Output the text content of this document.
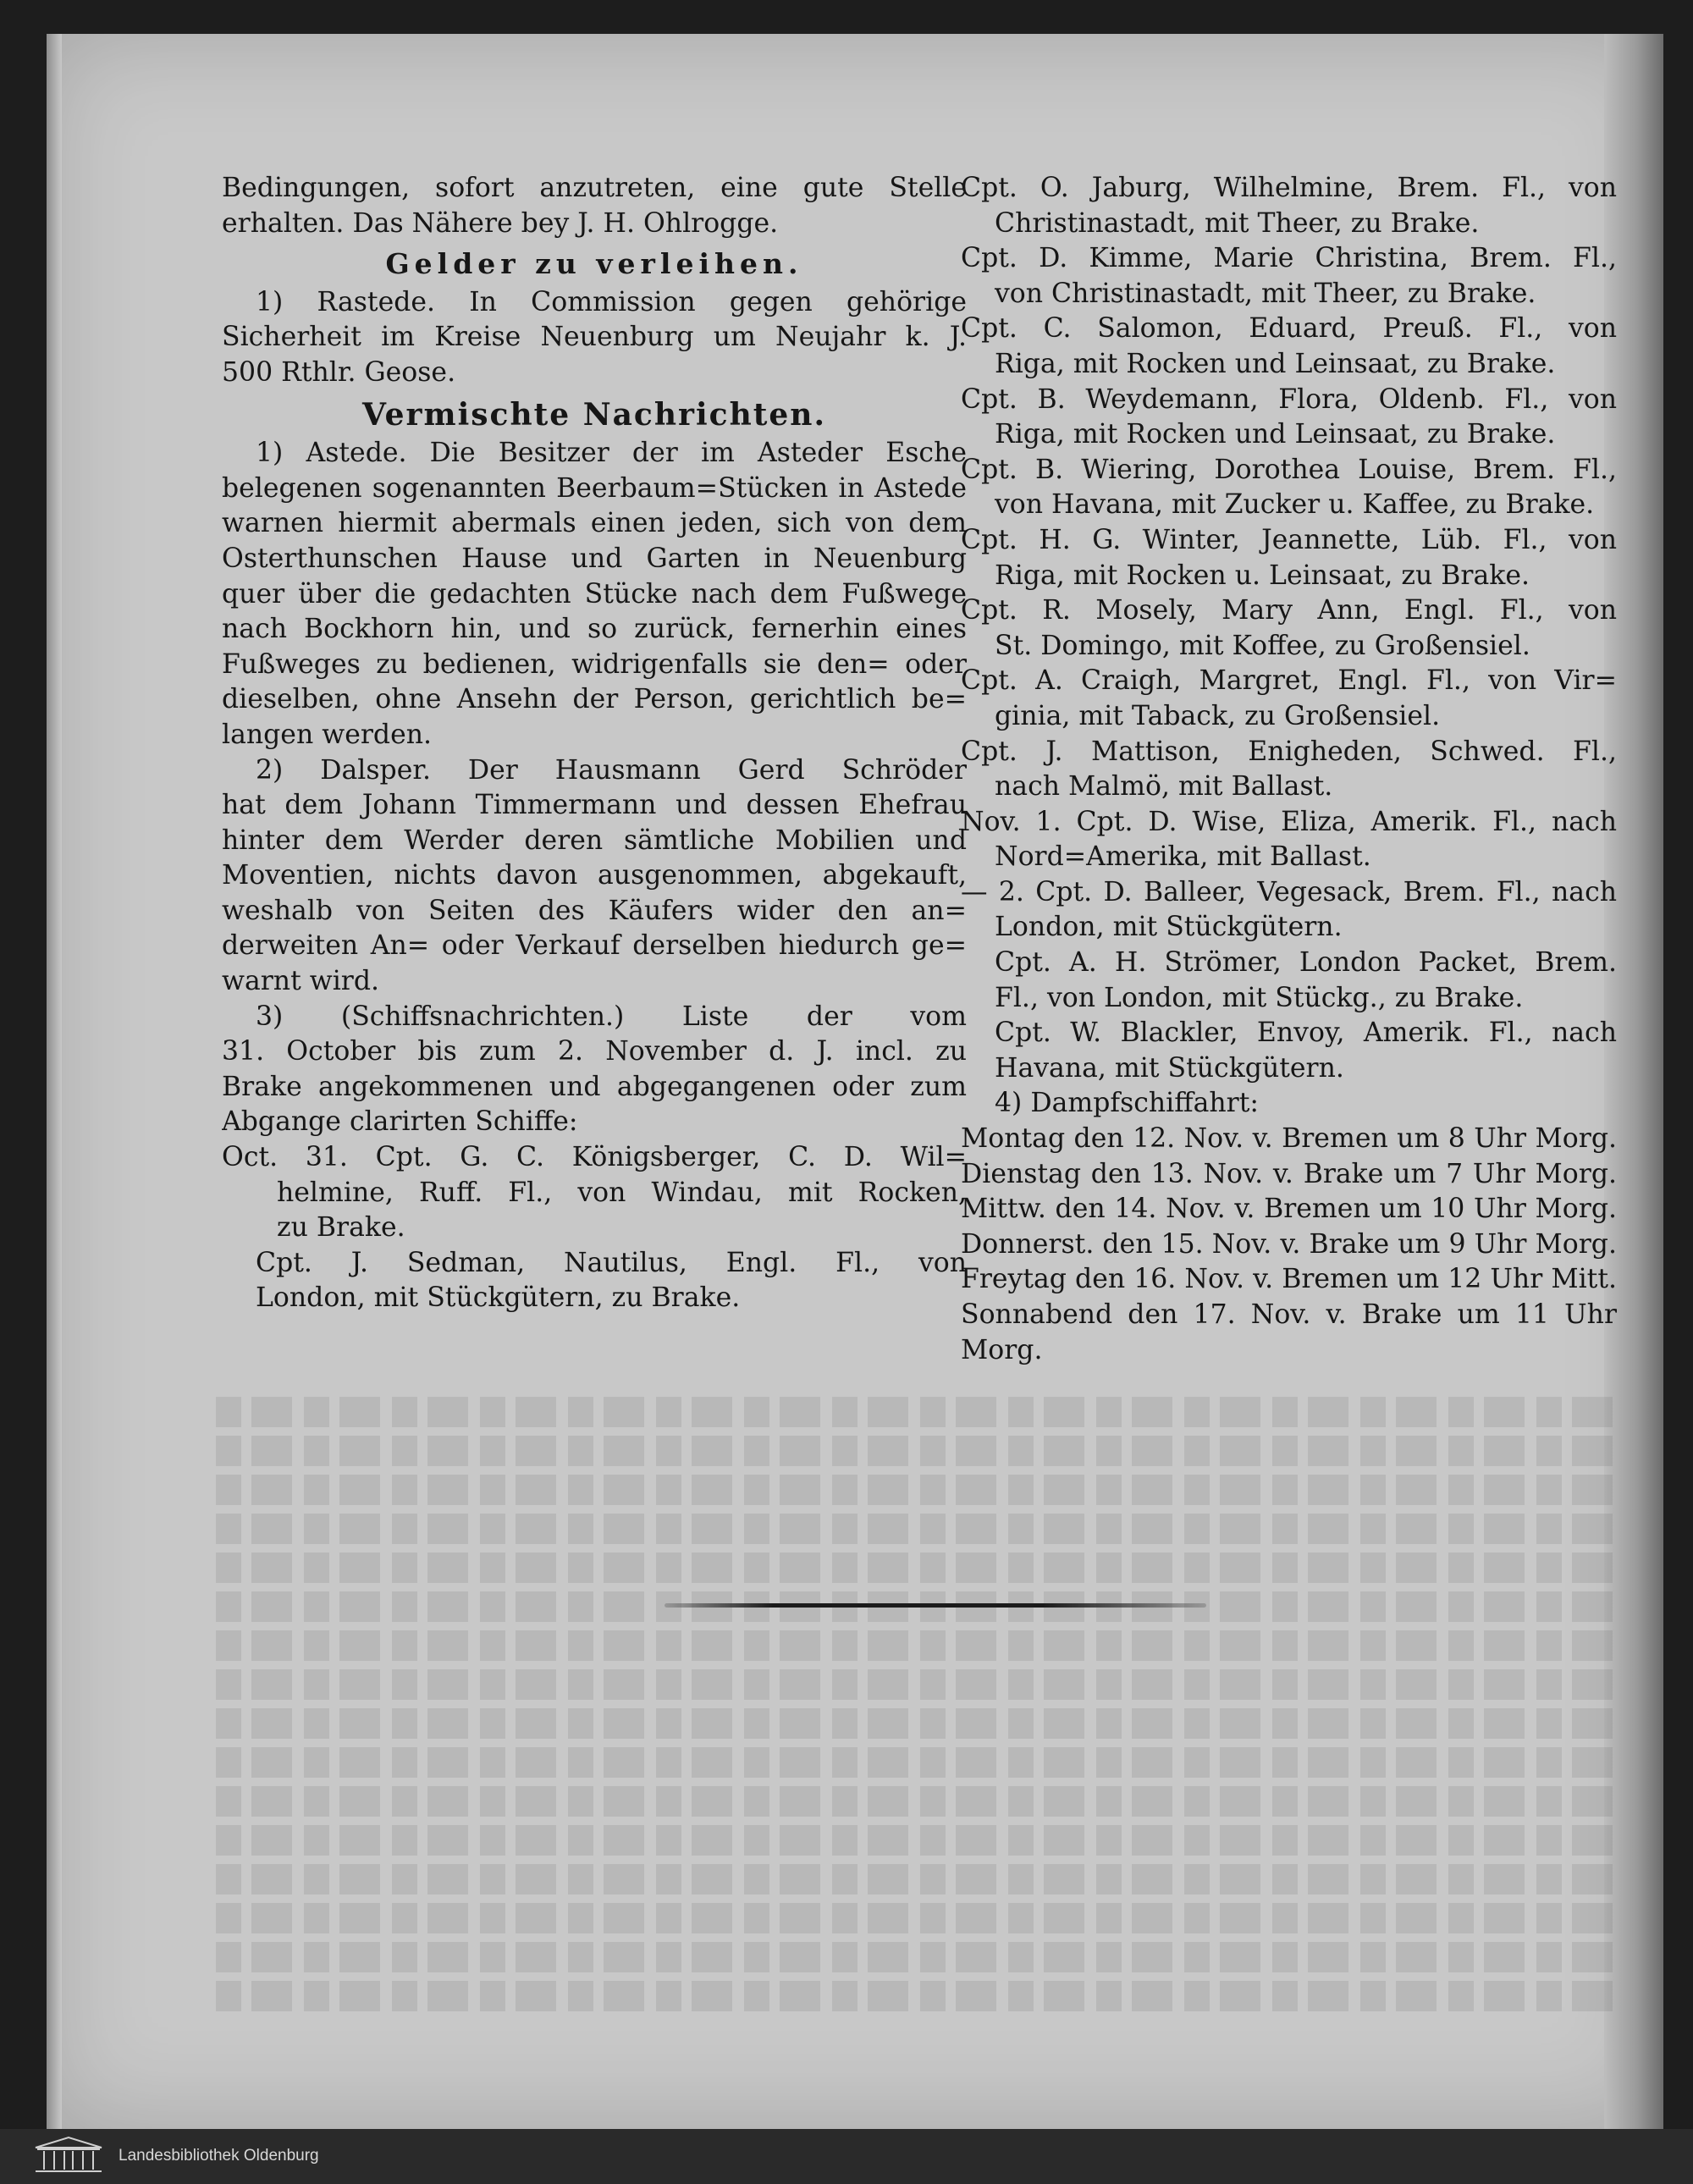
Bedingungen, sofort anzutreten, eine gute Stelle
erhalten. Das Nähere bey J. H. Ohlrogge.
Gelder zu verleihen.
1) Rastede. In Commission gegen gehörige
Sicherheit im Kreise Neuenburg um Neujahr k. J.
500 Rthlr. Geose.
Vermischte Nachrichten.
1) Astede. Die Besitzer der im Asteder Esche
belegenen sogenannten Beerbaum=Stücken in Astede
warnen hiermit abermals einen jeden, sich von dem
Osterthunschen Hause und Garten in Neuenburg
quer über die gedachten Stücke nach dem Fußwege
nach Bockhorn hin, und so zurück, fernerhin eines
Fußweges zu bedienen, widrigenfalls sie den= oder
dieselben, ohne Ansehn der Person, gerichtlich be=
langen werden.
2) Dalsper. Der Hausmann Gerd Schröder
hat dem Johann Timmermann und dessen Ehefrau
hinter dem Werder deren sämtliche Mobilien und
Moventien, nichts davon ausgenommen, abgekauft,
weshalb von Seiten des Käufers wider den an=
derweiten An= oder Verkauf derselben hiedurch ge=
warnt wird.
3) (Schiffsnachrichten.) Liste der vom
31. October bis zum 2. November d. J. incl. zu
Brake angekommenen und abgegangenen oder zum
Abgange clarirten Schiffe:
Oct. 31. Cpt. G. C. Königsberger, C. D. Wil=
helmine, Ruff. Fl., von Windau, mit Rocken,
zu Brake.
Cpt. J. Sedman, Nautilus, Engl. Fl., von
London, mit Stückgütern, zu Brake.
Cpt. O. Jaburg, Wilhelmine, Brem. Fl., von
Christinastadt, mit Theer, zu Brake.
Cpt. D. Kimme, Marie Christina, Brem. Fl.,
von Christinastadt, mit Theer, zu Brake.
Cpt. C. Salomon, Eduard, Preuß. Fl., von
Riga, mit Rocken und Leinsaat, zu Brake.
Cpt. B. Weydemann, Flora, Oldenb. Fl., von
Riga, mit Rocken und Leinsaat, zu Brake.
Cpt. B. Wiering, Dorothea Louise, Brem. Fl.,
von Havana, mit Zucker u. Kaffee, zu Brake.
Cpt. H. G. Winter, Jeannette, Lüb. Fl., von
Riga, mit Rocken u. Leinsaat, zu Brake.
Cpt. R. Mosely, Mary Ann, Engl. Fl., von
St. Domingo, mit Koffee, zu Großensiel.
Cpt. A. Craigh, Margret, Engl. Fl., von Vir=
ginia, mit Taback, zu Großensiel.
Cpt. J. Mattison, Enigheden, Schwed. Fl.,
nach Malmö, mit Ballast.
Nov. 1. Cpt. D. Wise, Eliza, Amerik. Fl., nach
Nord=Amerika, mit Ballast.
— 2. Cpt. D. Balleer, Vegesack, Brem. Fl., nach
London, mit Stückgütern.
Cpt. A. H. Strömer, London Packet, Brem.
Fl., von London, mit Stückg., zu Brake.
Cpt. W. Blackler, Envoy, Amerik. Fl., nach
Havana, mit Stückgütern.
4) Dampfschiffahrt:
Montag den 12. Nov. v. Bremen um 8 Uhr Morg.
Dienstag den 13. Nov. v. Brake um 7 Uhr Morg.
Mittw. den 14. Nov. v. Bremen um 10 Uhr Morg.
Donnerst. den 15. Nov. v. Brake um 9 Uhr Morg.
Freytag den 16. Nov. v. Bremen um 12 Uhr Mitt.
Sonnabend den 17. Nov. v. Brake um 11 Uhr Morg.
Landesbibliothek Oldenburg
